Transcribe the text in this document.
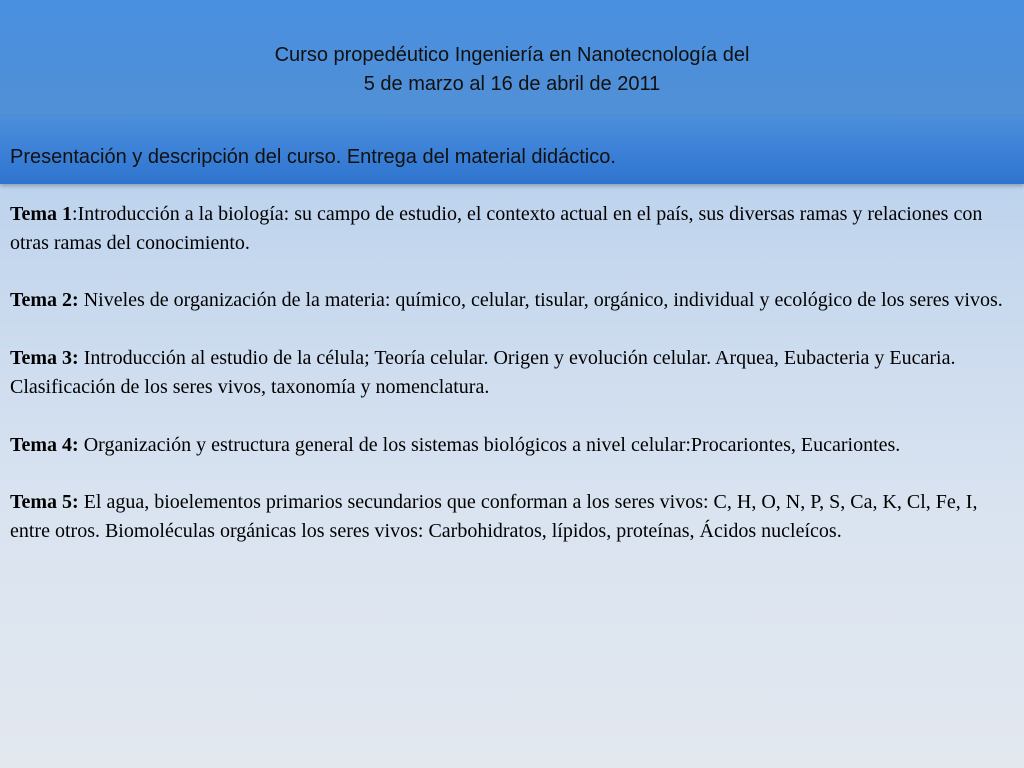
Curso propedéutico Ingeniería en Nanotecnología del
5 de marzo al 16 de abril de 2011
Presentación y descripción del curso. Entrega del material didáctico.

Tema 1:Introducción a la biología: su campo de estudio, el contexto actual en el país, sus diversas ramas y relaciones con otras ramas del conocimiento.

Tema 2: Niveles de organización de la materia: químico, celular, tisular, orgánico, individual y ecológico de los seres vivos.

Tema 3: Introducción al estudio de la célula; Teoría celular. Origen y evolución celular. Arquea, Eubacteria y Eucaria. Clasificación de los seres vivos, taxonomía y nomenclatura.

Tema 4: Organización y estructura general de los sistemas biológicos a nivel celular:Procariontes, Eucariontes.

Tema 5: El agua, bioelementos primarios secundarios que conforman a los seres vivos: C, H, O, N, P, S, Ca, K, Cl, Fe, I, entre otros. Biomoléculas orgánicas los seres vivos: Carbohidratos, lípidos, proteínas, Ácidos nucleícos.
